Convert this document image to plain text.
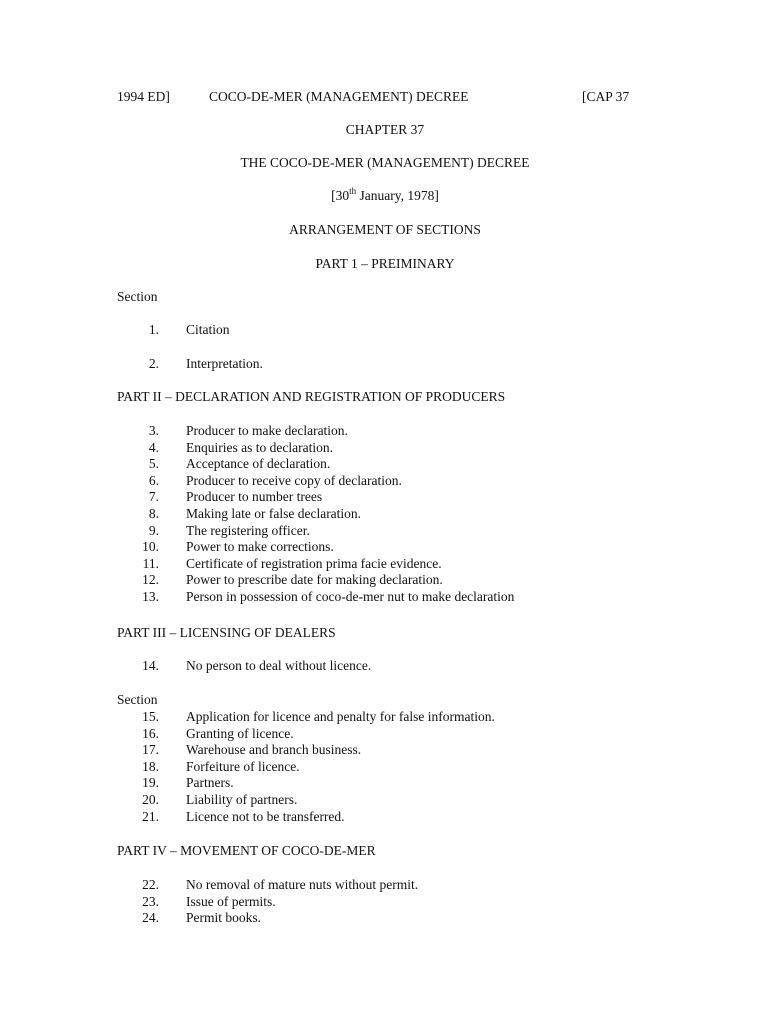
1994 ED]	COCO-DE-MER (MANAGEMENT) DECREE	[CAP 37
CHAPTER 37
THE COCO-DE-MER (MANAGEMENT) DECREE
[30th January, 1978]
ARRANGEMENT OF SECTIONS
PART 1 – PREIMINARY
Section
1. Citation
2. Interpretation.
PART II – DECLARATION AND REGISTRATION OF PRODUCERS
3. Producer to make declaration.
4. Enquiries as to declaration.
5. Acceptance of declaration.
6. Producer to receive copy of declaration.
7. Producer to number trees
8. Making late or false declaration.
9. The registering officer.
10. Power to make corrections.
11. Certificate of registration prima facie evidence.
12. Power to prescribe date for making declaration.
13. Person in possession of coco-de-mer nut to make declaration
PART III – LICENSING OF DEALERS
14. No person to deal without licence.
Section
15. Application for licence and penalty for false information.
16. Granting of licence.
17. Warehouse and branch business.
18. Forfeiture of licence.
19. Partners.
20. Liability of partners.
21. Licence not to be transferred.
PART IV – MOVEMENT OF COCO-DE-MER
22. No removal of mature nuts without permit.
23. Issue of permits.
24. Permit books.
